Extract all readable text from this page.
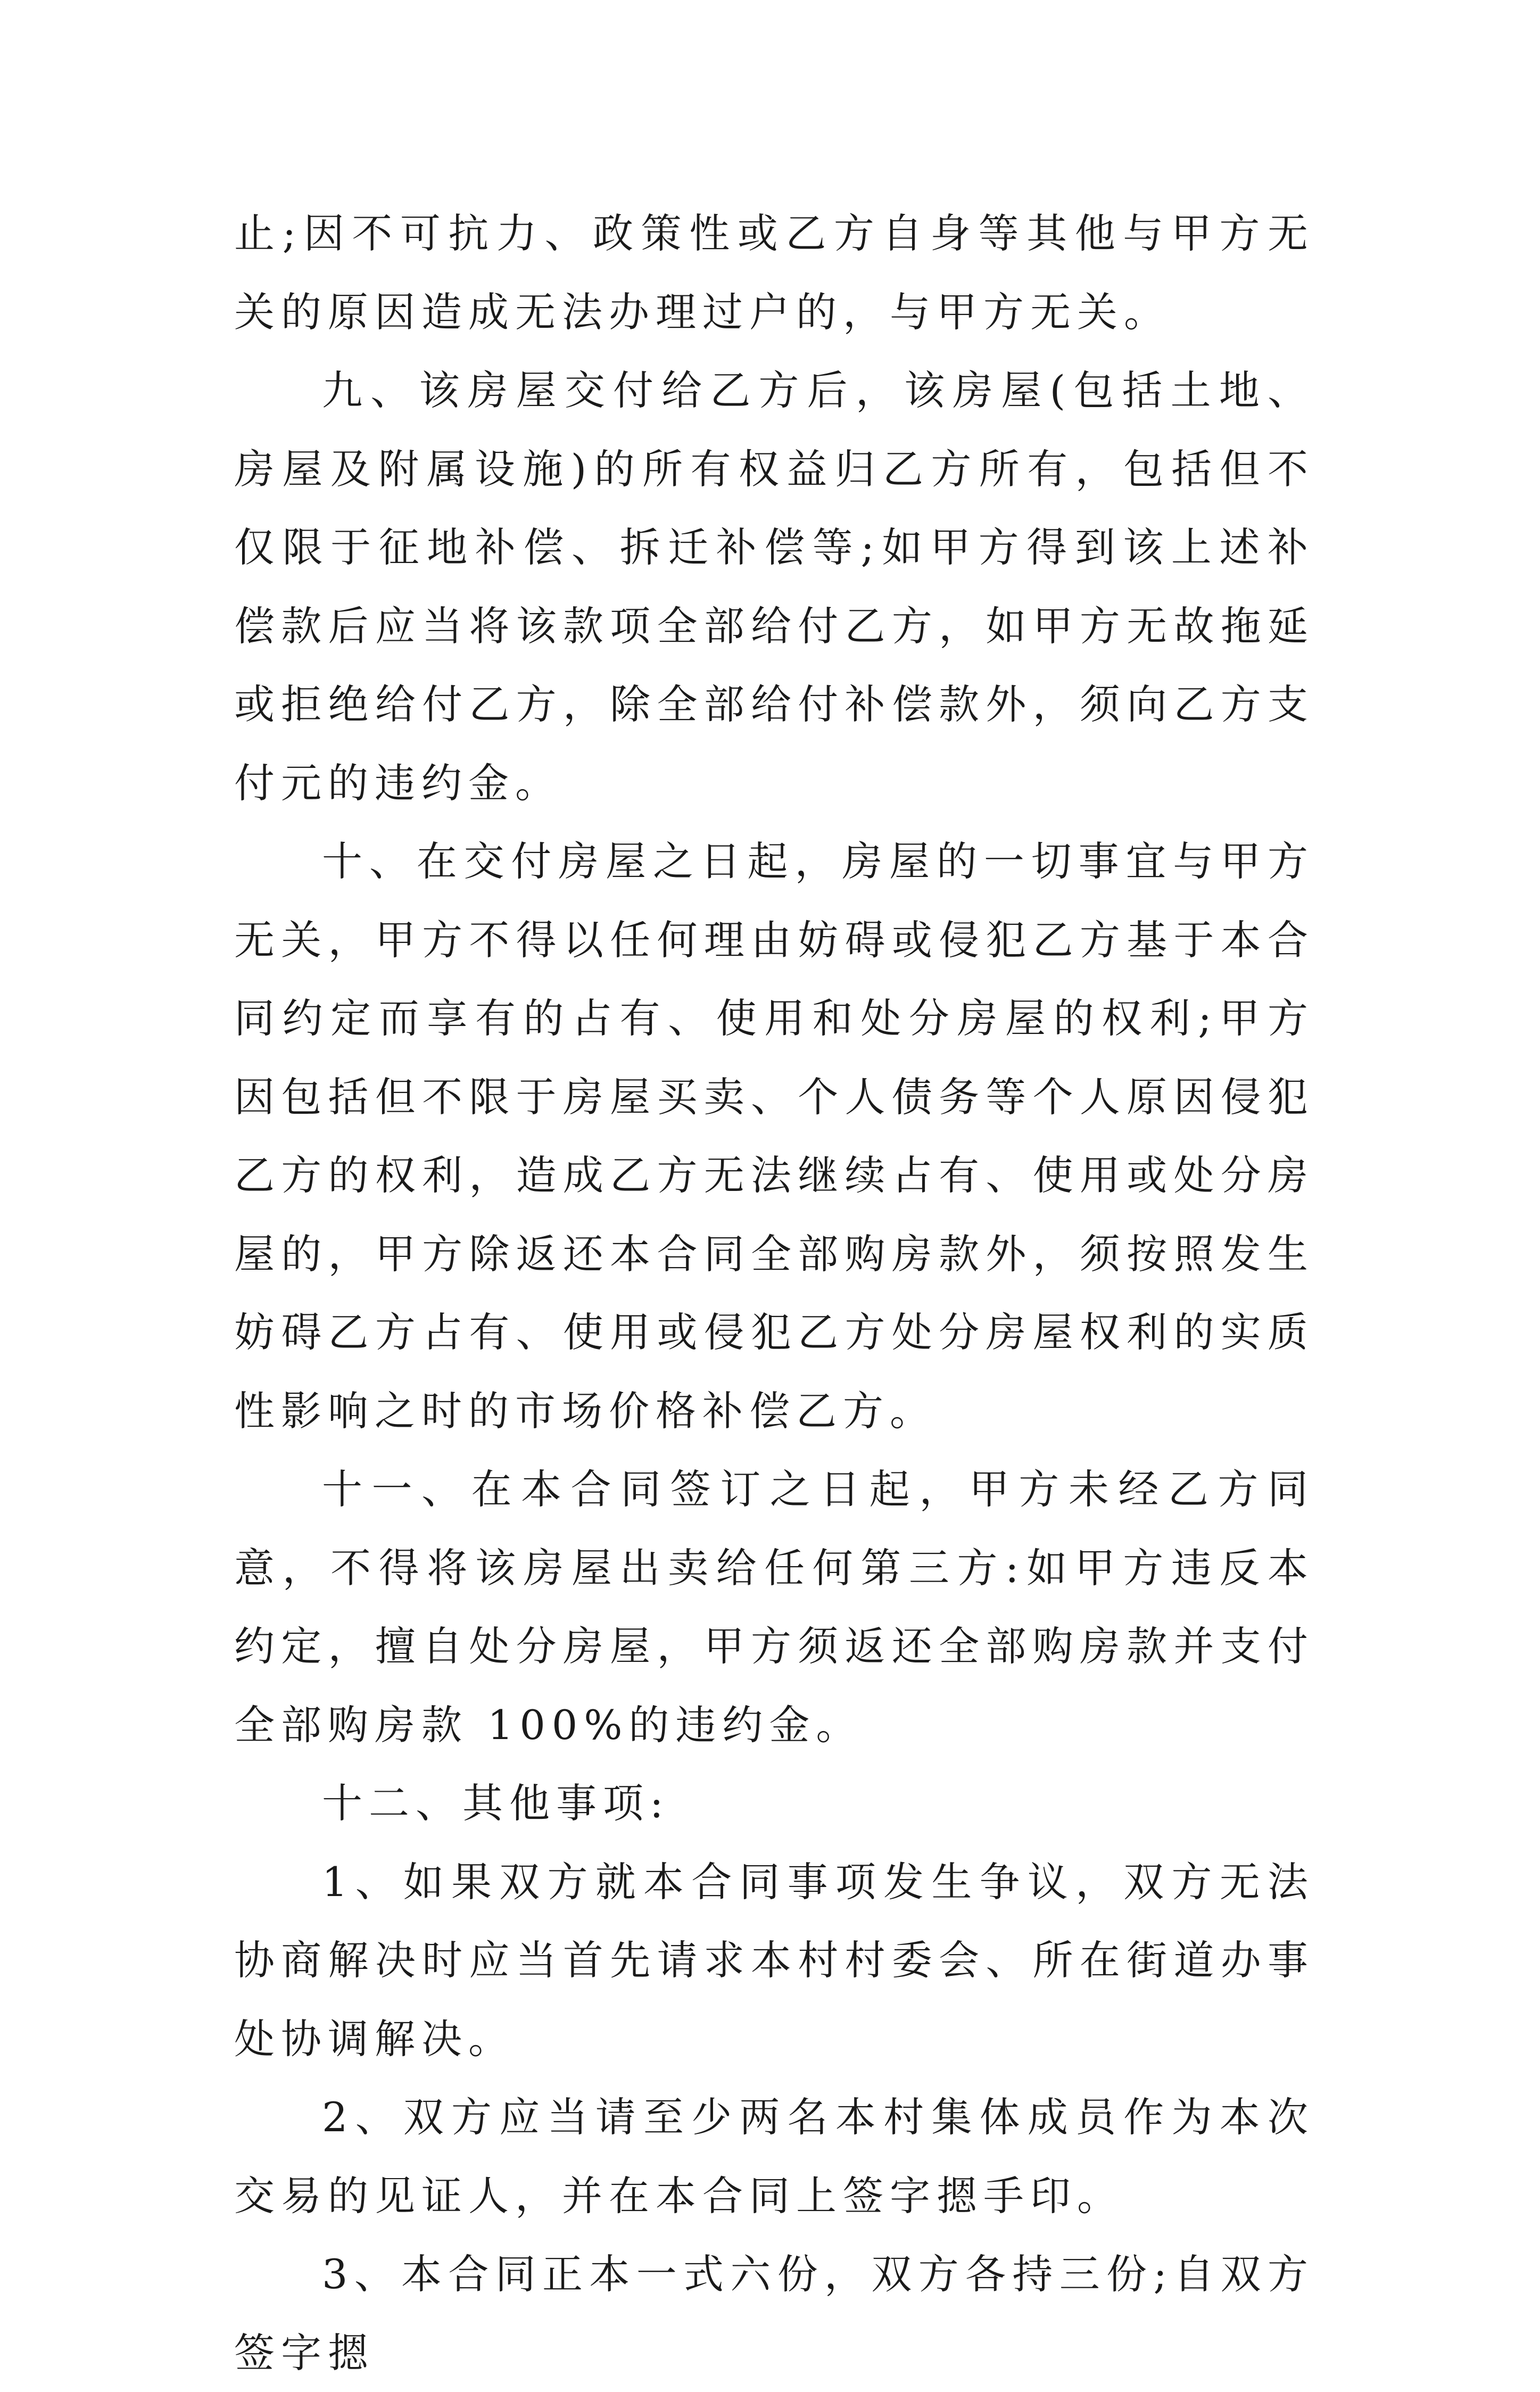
止;因不可抗力、政策性或乙方自身等其他与甲方无关的原因造成无法办理过户的，与甲方无关。

九、该房屋交付给乙方后，该房屋(包括土地、房屋及附属设施)的所有权益归乙方所有，包括但不仅限于征地补偿、拆迁补偿等;如甲方得到该上述补偿款后应当将该款项全部给付乙方，如甲方无故拖延或拒绝给付乙方，除全部给付补偿款外，须向乙方支付元的违约金。

十、在交付房屋之日起，房屋的一切事宜与甲方无关，甲方不得以任何理由妨碍或侵犯乙方基于本合同约定而享有的占有、使用和处分房屋的权利;甲方因包括但不限于房屋买卖、个人债务等个人原因侵犯乙方的权利，造成乙方无法继续占有、使用或处分房屋的，甲方除返还本合同全部购房款外，须按照发生妨碍乙方占有、使用或侵犯乙方处分房屋权利的实质性影响之时的市场价格补偿乙方。

十一、在本合同签订之日起，甲方未经乙方同意，不得将该房屋出卖给任何第三方:如甲方违反本约定，擅自处分房屋，甲方须返还全部购房款并支付全部购房款 100%的违约金。

十二、其他事项:

1、如果双方就本合同事项发生争议，双方无法协商解决时应当首先请求本村村委会、所在街道办事处协调解决。

2、双方应当请至少两名本村集体成员作为本次交易的见证人，并在本合同上签字摁手印。

3、本合同正本一式六份，双方各持三份;自双方签字摁
